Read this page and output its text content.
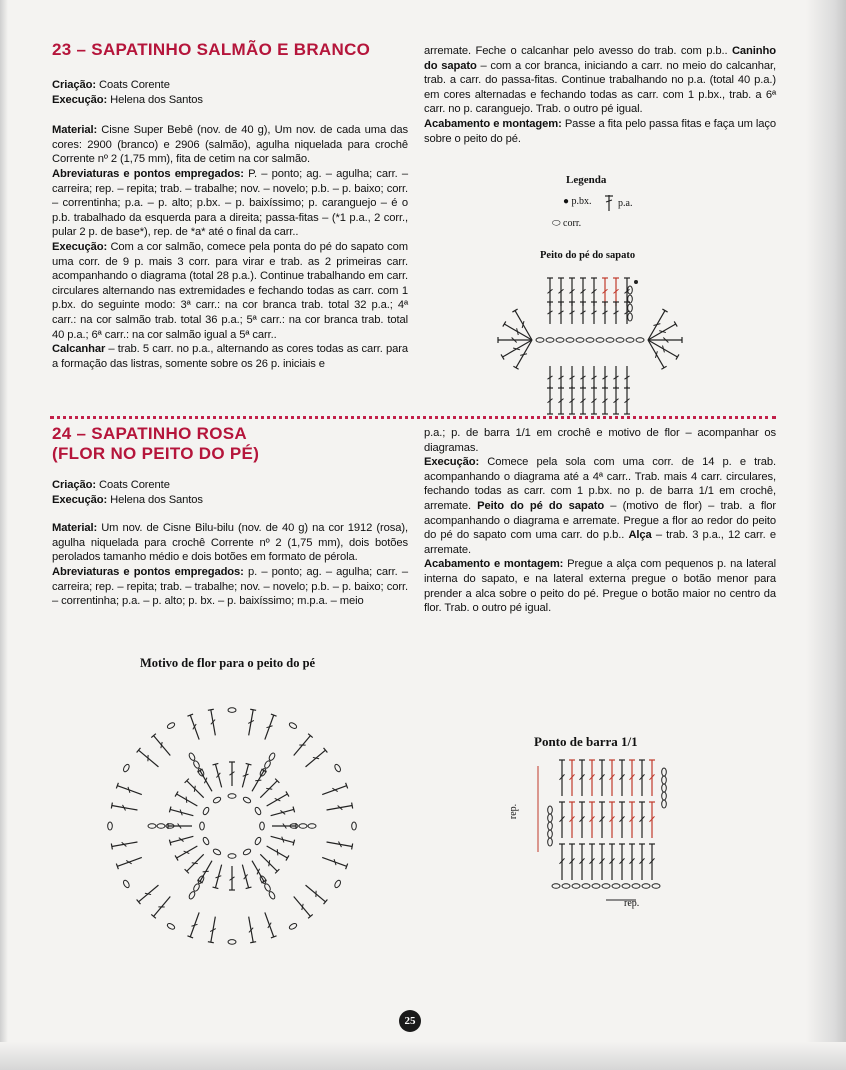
23 – SAPATINHO SALMÃO E BRANCO

Criação: Coats Corente

Execução: Helena dos Santos

Material: Cisne Super Bebê (nov. de 40 g), Um nov. de cada uma das cores: 2900 (branco) e 2906 (salmão), agulha niquelada para crochê Corrente nº 2 (1,75 mm), fita de cetim na cor salmão.

Abreviaturas e pontos empregados: P. – ponto; ag. – agulha; carr. – carreira; rep. – repita; trab. – trabalhe; nov. – novelo; p.b. – p. baixo; corr. – correntinha; p.a. – p. alto; p.bx. – p. baixíssimo; p. caranguejo – é o p.b. trabalhado da esquerda para a direita; passa-fitas – (*1 p.a., 2 corr., pular 2 p. de base*), rep. de *a* até o final da carr..

Execução: Com a cor salmão, comece pela ponta do pé do sapato com uma corr. de 9 p. mais 3 corr. para virar e trab. as 2 primeiras carr. acompanhando o diagrama (total 28 p.a.). Continue trabalhando em carr. circulares alternando nas extremidades e fechando todas as carr. com 1 p.bx. do seguinte modo: 3ª carr.: na cor branca trab. total 32 p.a.; 4ª carr.: na cor salmão trab. total 36 p.a.; 5ª carr.: na cor branca trab. total 40 p.a.; 6ª carr.: na cor salmão igual a 5ª carr..

Calcanhar – trab. 5 carr. no p.a., alternando as cores todas as carr. para a formação das listras, somente sobre os 26 p. iniciais e

arremate. Feche o calcanhar pelo avesso do trab. com p.b.. Caninho do sapato – com a cor branca, iniciando a carr. no meio do calcanhar, trab. a carr. do passa-fitas. Continue trabalhando no p.a. (total 40 p.a.) em cores alternadas e fechando todas as carr. com 1 p.bx., trab. a 6ª carr. no p. caranguejo. Trab. o outro pé igual.

Acabamento e montagem: Passe a fita pelo passa fitas e faça um laço sobre o peito do pé.

Legenda
● p.bx.	p.a.
⬭ corr.
Peito do pé do sapato

24 – SAPATINHO ROSA

(FLOR NO PEITO DO PÉ)

Criação: Coats Corente

Execução: Helena dos Santos

Material: Um nov. de Cisne Bilu-bilu (nov. de 40 g) na cor 1912 (rosa), agulha niquelada para crochê Corrente nº 2 (1,75 mm), dois botões perolados tamanho médio e dois botões em formato de pérola.

Abreviaturas e pontos empregados: p. – ponto; ag. – agulha; carr. – carreira; rep. – repita; trab. – trabalhe; nov. – novelo; p.b. – p. baixo; corr. – correntinha; p.a. – p. alto; p. bx. – p. baixíssimo; m.p.a. – meio

p.a.; p. de barra 1/1 em crochê e motivo de flor – acompanhar os diagramas.

Execução: Comece pela sola com uma corr. de 14 p. e trab. acompanhando o diagrama até a 4ª carr.. Trab. mais 4 carr. circulares, fechando todas as carr. com 1 p.bx. no p. de barra 1/1 em crochê, arremate. Peito do pé do sapato – (motivo de flor) – trab. a flor acompanhando o diagrama e arremate. Pregue a flor ao redor do peito do pé do sapato com uma carr. do p.b.. Alça – trab. 3 p.a., 12 carr. e arremate.

Acabamento e montagem: Pregue a alça com pequenos p. na lateral interna do sapato, e na lateral externa pregue o botão menor para prender a alca sobre o peito do pé. Pregue o botão maior no centro da flor. Trab. o outro pé igual.

Motivo de flor para o peito do pé
Ponto de barra 1/1
rep.
rep.
25
